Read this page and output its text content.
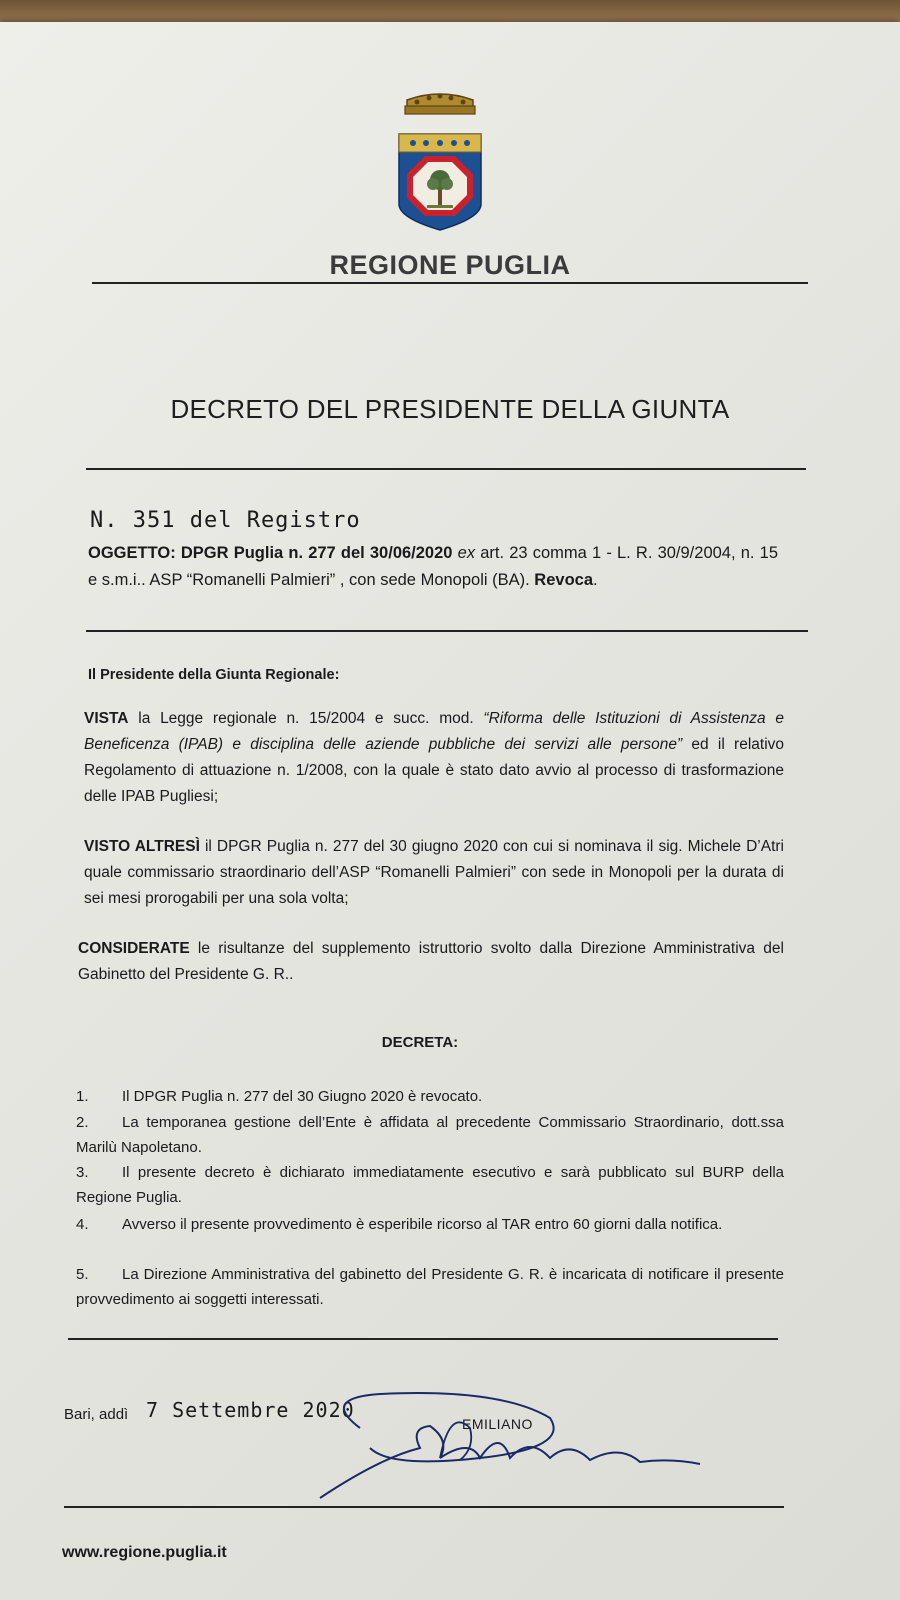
REGIONE PUGLIA
DECRETO DEL PRESIDENTE DELLA GIUNTA
N. 351 del Registro
OGGETTO: DPGR Puglia n. 277 del 30/06/2020 ex art. 23 comma 1 - L. R. 30/9/2004, n. 15 e s.m.i.. ASP “Romanelli Palmieri” , con sede Monopoli (BA). Revoca.
Il Presidente della Giunta Regionale:
VISTA la Legge regionale n. 15/2004 e succ. mod. “Riforma delle Istituzioni di Assistenza e Beneficenza (IPAB) e disciplina delle aziende pubbliche dei servizi alle persone” ed il relativo Regolamento di attuazione n. 1/2008, con la quale è stato dato avvio al processo di trasformazione delle IPAB Pugliesi;
VISTO ALTRESÌ il DPGR Puglia n. 277 del 30 giugno 2020 con cui si nominava il sig. Michele D’Atri quale commissario straordinario dell’ASP “Romanelli Palmieri” con sede in Monopoli per la durata di sei mesi prorogabili per una sola volta;
CONSIDERATE le risultanze del supplemento istruttorio svolto dalla Direzione Amministrativa del Gabinetto del Presidente G. R..
DECRETA:
1. Il DPGR Puglia n. 277 del 30 Giugno 2020 è revocato.
2. La temporanea gestione dell’Ente è affidata al precedente Commissario Straordinario, dott.ssa Marilù Napoletano.
3. Il presente decreto è dichiarato immediatamente esecutivo e sarà pubblicato sul BURP della Regione Puglia.
4. Avverso il presente provvedimento è esperibile ricorso al TAR entro 60 giorni dalla notifica.
5. La Direzione Amministrativa del gabinetto del Presidente G. R. è incaricata di notificare il presente provvedimento ai soggetti interessati.
Bari, addì 7 Settembre 2020
EMILIANO
www.regione.puglia.it
